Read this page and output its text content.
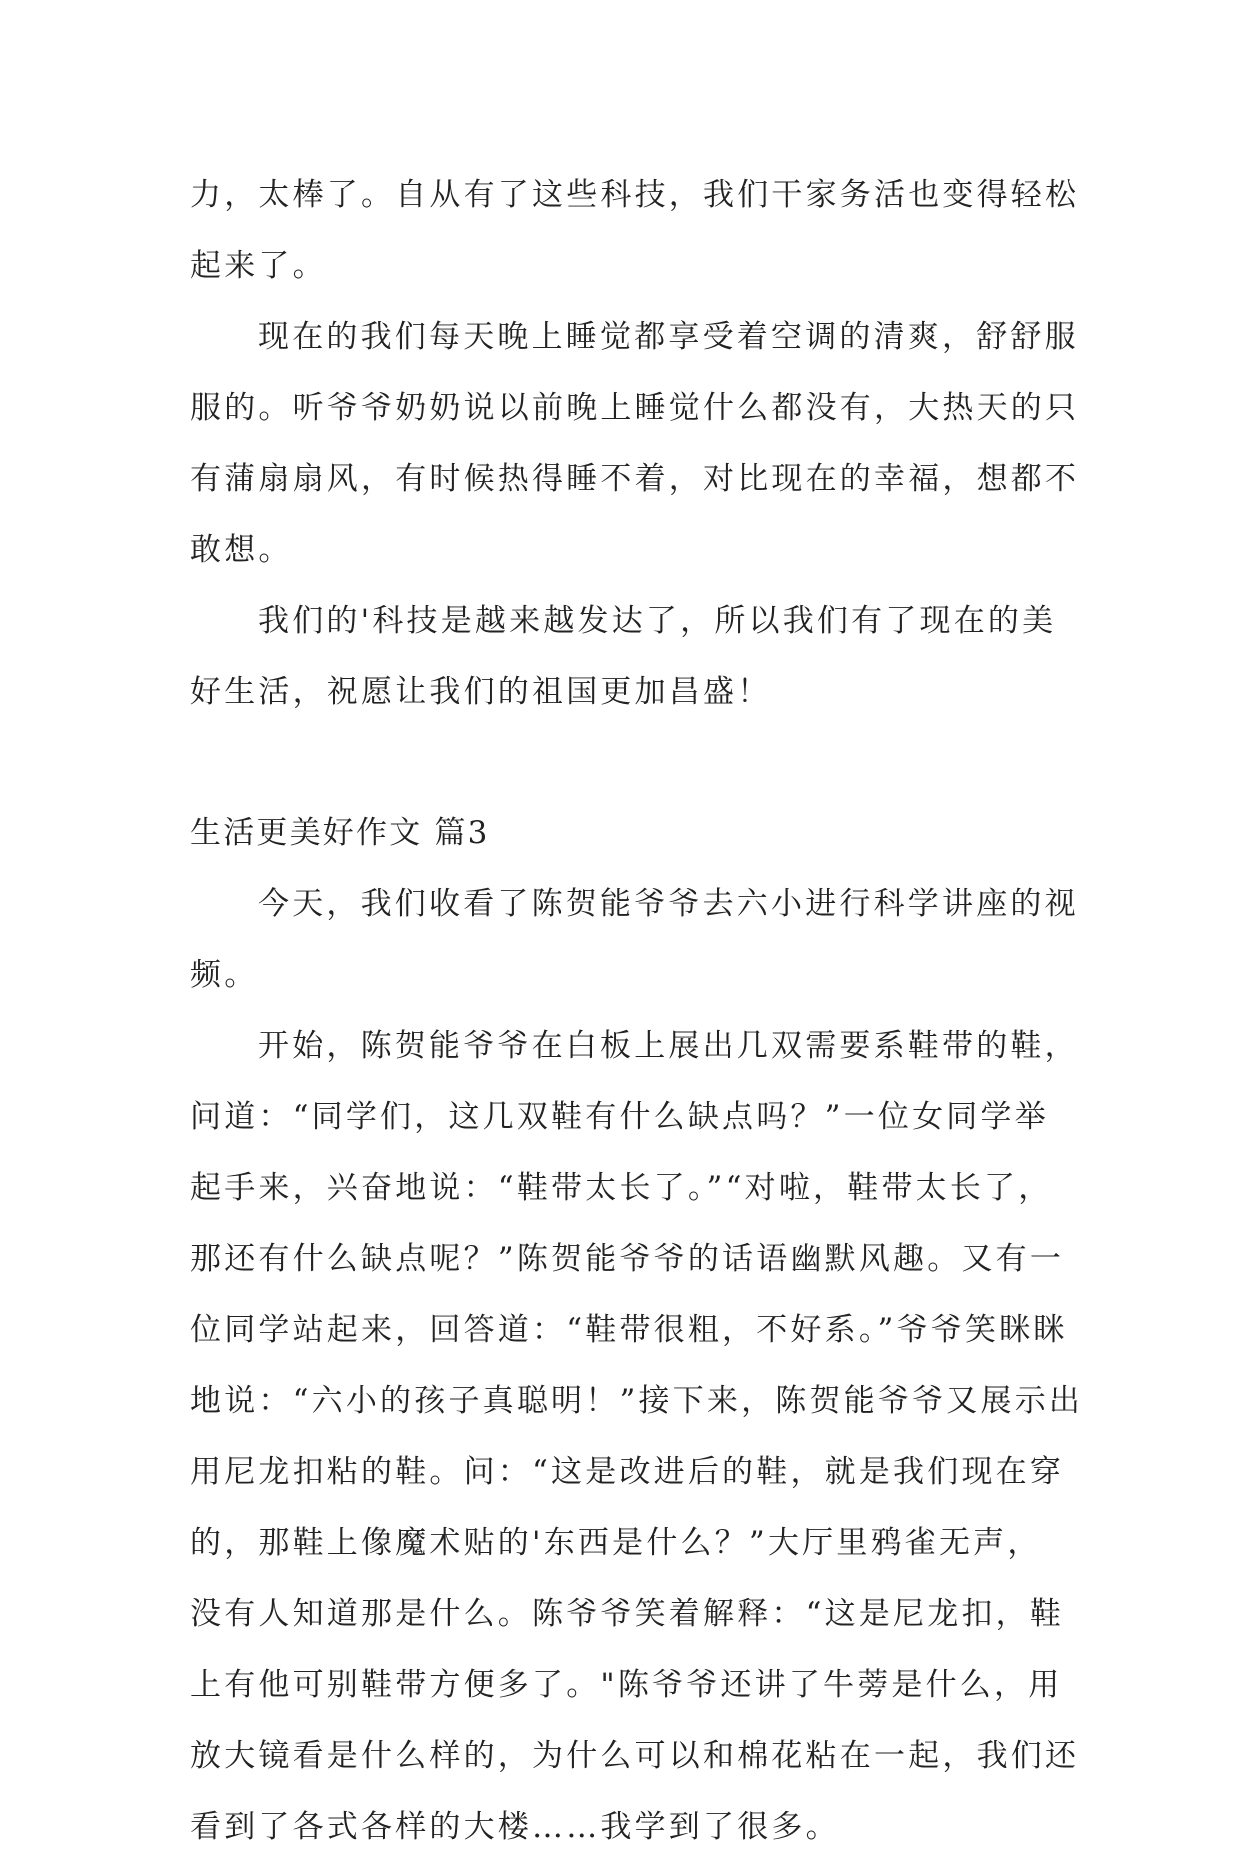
力，太棒了。自从有了这些科技，我们干家务活也变得轻松
起来了。
现在的我们每天晚上睡觉都享受着空调的清爽，舒舒服
服的。听爷爷奶奶说以前晚上睡觉什么都没有，大热天的只
有蒲扇扇风，有时候热得睡不着，对比现在的幸福，想都不
敢想。
我们的'科技是越来越发达了，所以我们有了现在的美
好生活，祝愿让我们的祖国更加昌盛！
生活更美好作文 篇3
今天，我们收看了陈贺能爷爷去六小进行科学讲座的视
频。
开始，陈贺能爷爷在白板上展出几双需要系鞋带的鞋，
问道：“同学们，这几双鞋有什么缺点吗？”一位女同学举
起手来，兴奋地说：“鞋带太长了。”“对啦，鞋带太长了，
那还有什么缺点呢？”陈贺能爷爷的话语幽默风趣。又有一
位同学站起来，回答道：“鞋带很粗，不好系。”爷爷笑眯眯
地说：“六小的孩子真聪明！”接下来，陈贺能爷爷又展示出
用尼龙扣粘的鞋。问：“这是改进后的鞋，就是我们现在穿
的，那鞋上像魔术贴的'东西是什么？”大厅里鸦雀无声，
没有人知道那是什么。陈爷爷笑着解释：“这是尼龙扣，鞋
上有他可别鞋带方便多了。"陈爷爷还讲了牛蒡是什么，用
放大镜看是什么样的，为什么可以和棉花粘在一起，我们还
看到了各式各样的大楼……我学到了很多。
